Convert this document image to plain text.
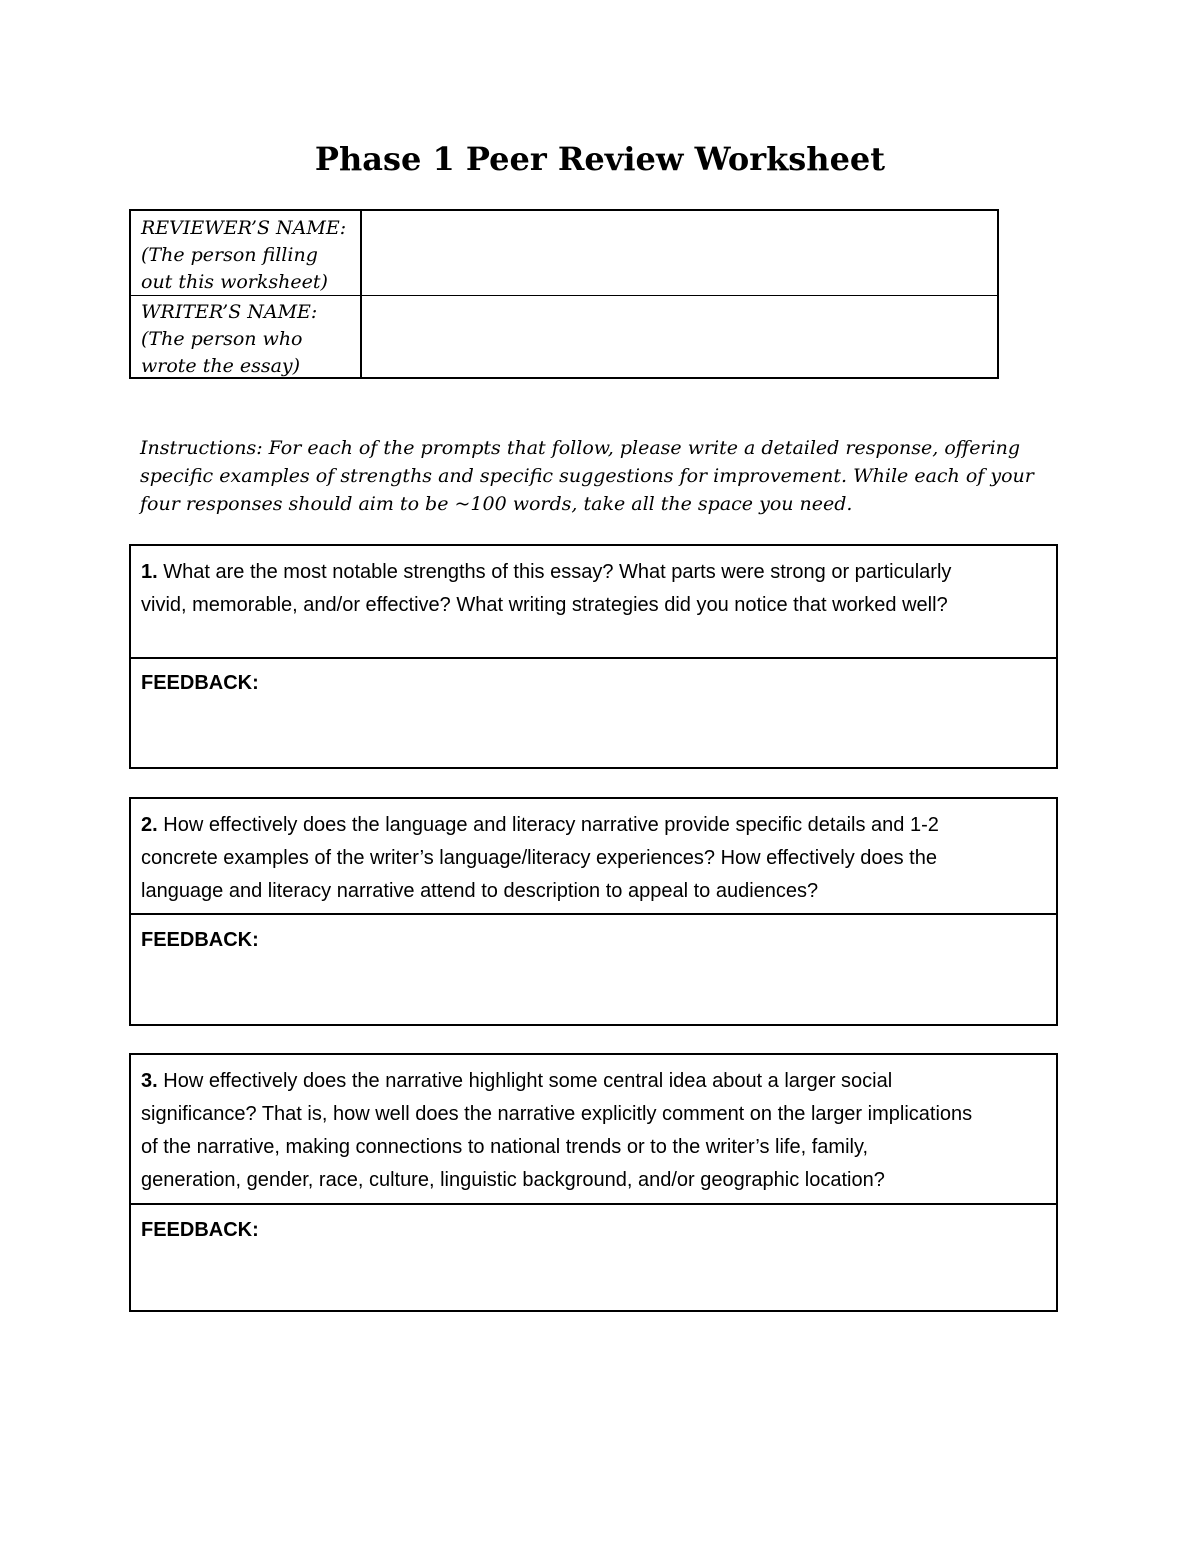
Phase 1 Peer Review Worksheet
REVIEWER’S NAME:
(The person filling
out this worksheet)
WRITER’S NAME:
(The person who
wrote the essay)

Instructions: For each of the prompts that follow, please write a detailed response, offering
specific examples of strengths and specific suggestions for improvement. While each of your
four responses should aim to be ~100 words, take all the space you need.

1. What are the most notable strengths of this essay? What parts were strong or particularly
vivid, memorable, and/or effective? What writing strategies did you notice that worked well?
FEEDBACK:
2. How effectively does the language and literacy narrative provide specific details and 1-2
concrete examples of the writer’s language/literacy experiences? How effectively does the
language and literacy narrative attend to description to appeal to audiences?
FEEDBACK:
3. How effectively does the narrative highlight some central idea about a larger social
significance? That is, how well does the narrative explicitly comment on the larger implications
of the narrative, making connections to national trends or to the writer’s life, family,
generation, gender, race, culture, linguistic background, and/or geographic location?
FEEDBACK:
